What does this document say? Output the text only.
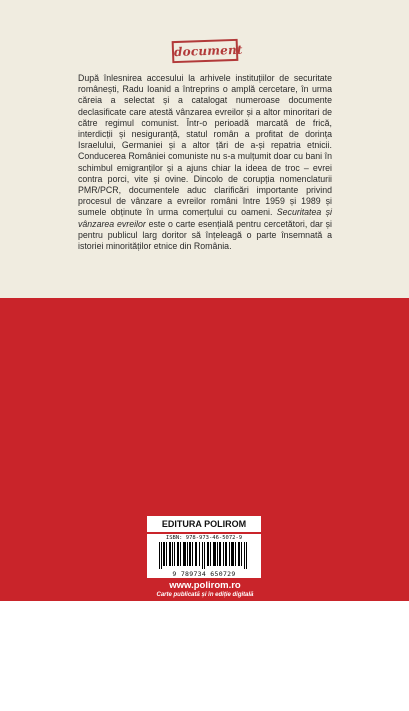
document
După înlesnirea accesului la arhivele instituțiilor de securitate românești, Radu Ioanid a întreprins o amplă cercetare, în urma căreia a selectat și a catalogat numeroase documente declasificate care atestă vânzarea evreilor și a altor minoritari de către regimul comunist. Într-o perioadă marcată de frică, interdicții și nesiguranță, statul român a profitat de dorința Israelului, Germaniei și a altor țări de a-și repatria etnicii. Conducerea României comuniste nu s-a mulțumit doar cu bani în schimbul emigranților și a ajuns chiar la ideea de troc – evrei contra porci, vite și ovine. Dincolo de corupția nomenclaturii PMR/PCR, documentele aduc clarificări importante privind procesul de vânzare a evreilor români între 1959 și 1989 și sumele obținute în urma comerțului cu oameni. Securitatea și vânzarea evreilor este o carte esențială pentru cercetători, dar și pentru publicul larg doritor să înțeleagă o parte însemnată a istoriei minorităților etnice din România.
„Dezvăluirile prezentate de Radu Ioanid sunt șocante, la fel ca și documentele din arhivele serviciilor românești de informații externe. Acțiunile acestor servicii variază de la crimă la ridicol. Și totuși, într-o anumită măsură, s-ar putea considera că evenimentele istorice pe care le prezintă autorul au fost «secrete ale lui Polichinelle», ascunse la vedere, despre care vorbea toată lumea în șoaptă, comentându-le chiar în momentul în care se petreceau aceste lucruri.”	Paul Shapiro
EDITURA POLIROM
ISBN: 978-973-46-5072-9
9 789734 650729
www.polirom.ro
Carte publicată și în ediție digitală
